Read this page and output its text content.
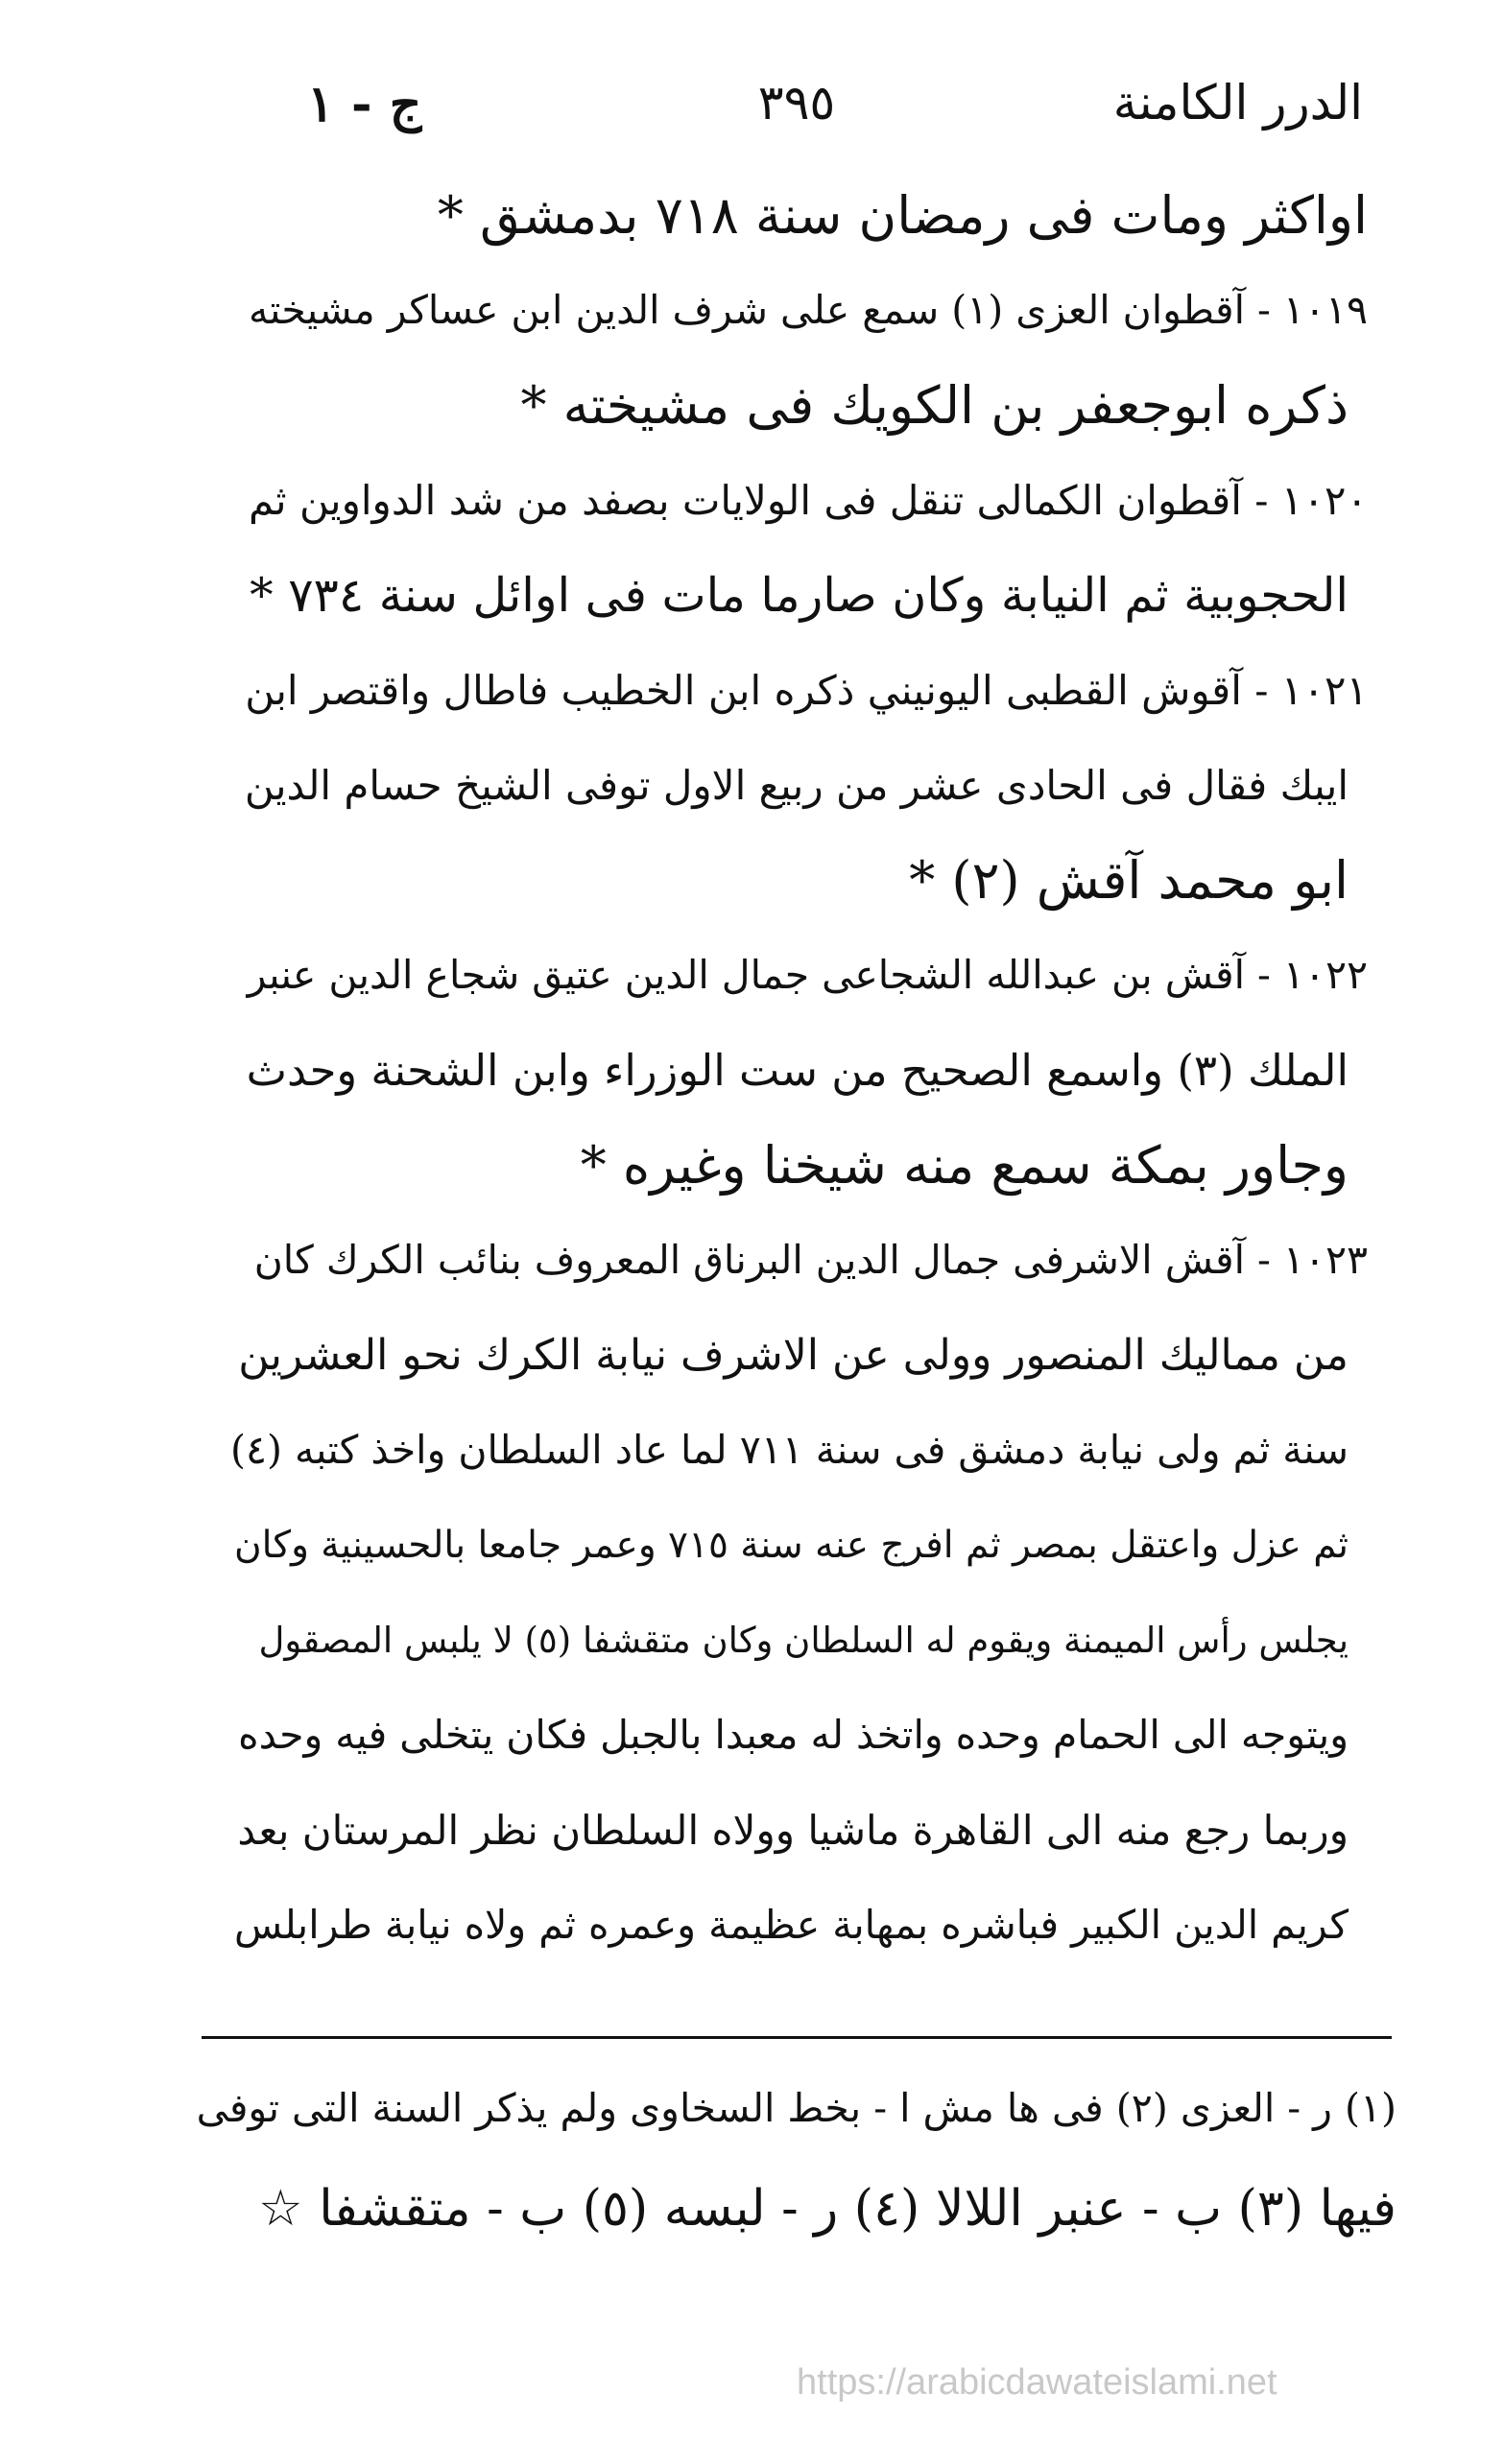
الدرر الكامنة
٣٩٥
ج - ١
اواكثر ومات فى رمضان سنة ٧١٨ بدمشق *
١٠١٩ - آقطوان العزى (١) سمع على شرف الدين ابن عساكر مشيخته
ذكره ابوجعفر بن الكويك فى مشيخته *
١٠٢٠ - آقطوان الكمالى تنقل فى الولايات بصفد من شد الدواوين ثم
الحجوبية ثم النيابة وكان صارما مات فى اوائل سنة ٧٣٤ *
١٠٢١ - آقوش القطبى اليونيني ذكره ابن الخطيب فاطال واقتصر ابن
ايبك فقال فى الحادى عشر من ربيع الاول توفى الشيخ حسام الدين
ابو محمد آقش (٢) *
١٠٢٢ - آقش بن عبدالله الشجاعى جمال الدين عتيق شجاع الدين عنبر
الملك (٣) واسمع الصحيح من ست الوزراء وابن الشحنة وحدث
وجاور بمكة سمع منه شيخنا وغيره *
١٠٢٣ - آقش الاشرفى جمال الدين البرناق المعروف بنائب الكرك كان
من مماليك المنصور وولى عن الاشرف نيابة الكرك نحو العشرين
سنة ثم ولى نيابة دمشق فى سنة ٧١١ لما عاد السلطان واخذ كتبه (٤)
ثم عزل واعتقل بمصر ثم افرج عنه سنة ٧١٥ وعمر جامعا بالحسينية وكان
يجلس رأس الميمنة ويقوم له السلطان وكان متقشفا (٥) لا يلبس المصقول
ويتوجه الى الحمام وحده واتخذ له معبدا بالجبل فكان يتخلى فيه وحده
وربما رجع منه الى القاهرة ماشيا وولاه السلطان نظر المرستان بعد
كريم الدين الكبير فباشره بمهابة عظيمة وعمره ثم ولاه نيابة طرابلس
(١) ر - العزى (٢) فى ها مش ا - بخط السخاوى ولم يذكر السنة التى توفى
فيها (٣) ب - عنبر اللالا (٤) ر - لبسه (٥) ب - متقشفا ☆
https://arabicdawateislami.net
